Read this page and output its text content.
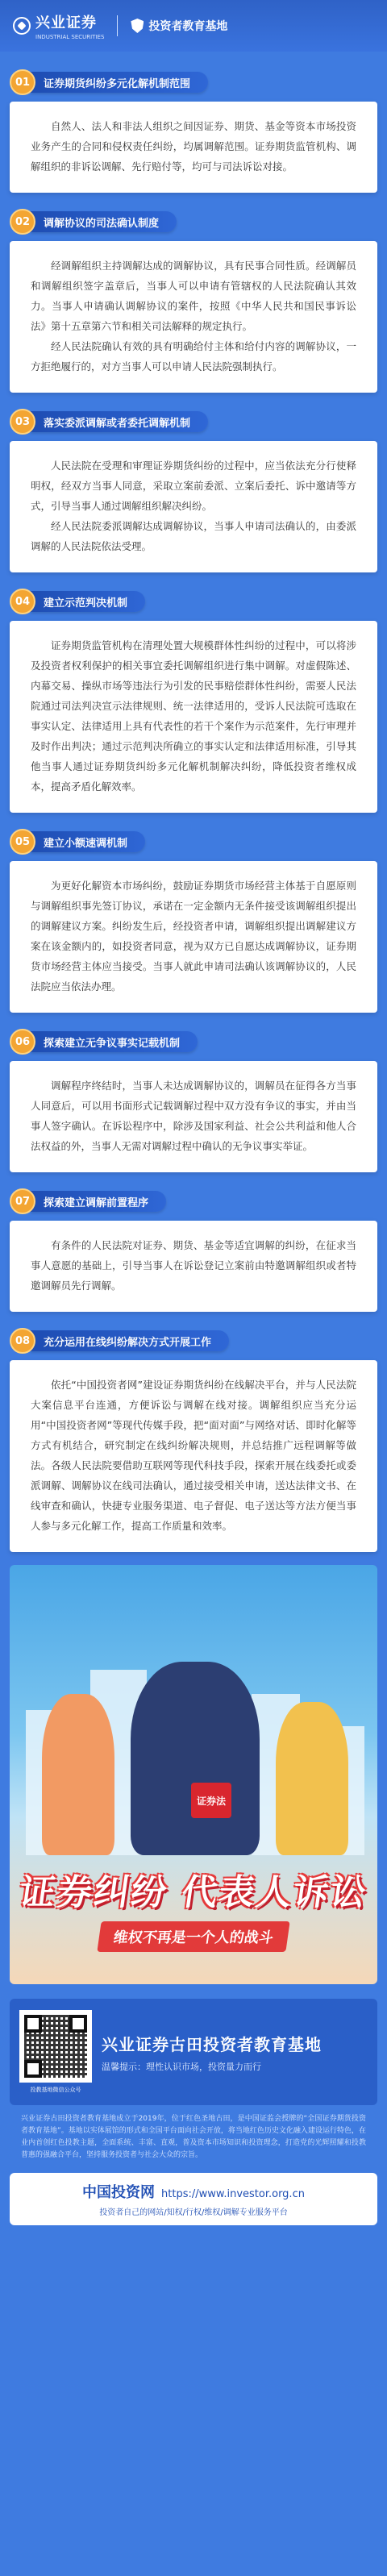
兴业证券
INDUSTRIAL SECURITIES
投资者教育基地
01	证券期货纠纷多元化解机制范围

自然人、法人和非法人组织之间因证券、期货、基金等资本市场投资业务产生的合同和侵权责任纠纷，均属调解范围。证券期货监管机构、调解组织的非诉讼调解、先行赔付等，均可与司法诉讼对接。

02	调解协议的司法确认制度

经调解组织主持调解达成的调解协议，具有民事合同性质。经调解员和调解组织签字盖章后，当事人可以申请有管辖权的人民法院确认其效力。当事人申请确认调解协议的案件，按照《中华人民共和国民事诉讼法》第十五章第六节和相关司法解释的规定执行。

经人民法院确认有效的具有明确给付主体和给付内容的调解协议，一方拒绝履行的，对方当事人可以申请人民法院强制执行。

03	落实委派调解或者委托调解机制

人民法院在受理和审理证券期货纠纷的过程中，应当依法充分行使释明权，经双方当事人同意，采取立案前委派、立案后委托、诉中邀请等方式，引导当事人通过调解组织解决纠纷。

经人民法院委派调解达成调解协议，当事人申请司法确认的，由委派调解的人民法院依法受理。

04	建立示范判决机制

证券期货监管机构在清理处置大规模群体性纠纷的过程中，可以将涉及投资者权利保护的相关事宜委托调解组织进行集中调解。对虚假陈述、内幕交易、操纵市场等违法行为引发的民事赔偿群体性纠纷，需要人民法院通过司法判决宣示法律规则、统一法律适用的，受诉人民法院可选取在事实认定、法律适用上具有代表性的若干个案作为示范案件，先行审理并及时作出判决；通过示范判决所确立的事实认定和法律适用标准，引导其他当事人通过证券期货纠纷多元化解机制解决纠纷，降低投资者维权成本，提高矛盾化解效率。

05	建立小额速调机制

为更好化解资本市场纠纷，鼓励证券期货市场经营主体基于自愿原则与调解组织事先签订协议，承诺在一定金额内无条件接受该调解组织提出的调解建议方案。纠纷发生后，经投资者申请，调解组织提出调解建议方案在该金额内的，如投资者同意，视为双方已自愿达成调解协议，证券期货市场经营主体应当接受。当事人就此申请司法确认该调解协议的，人民法院应当依法办理。

06	探索建立无争议事实记载机制

调解程序终结时，当事人未达成调解协议的，调解员在征得各方当事人同意后，可以用书面形式记载调解过程中双方没有争议的事实，并由当事人签字确认。在诉讼程序中，除涉及国家利益、社会公共利益和他人合法权益的外，当事人无需对调解过程中确认的无争议事实举证。

07	探索建立调解前置程序

有条件的人民法院对证券、期货、基金等适宜调解的纠纷，在征求当事人意愿的基础上，引导当事人在诉讼登记立案前由特邀调解组织或者特邀调解员先行调解。

08	充分运用在线纠纷解决方式开展工作

依托“中国投资者网”建设证券期货纠纷在线解决平台，并与人民法院大案信息平台连通，方便诉讼与调解在线对接。调解组织应当充分运用“中国投资者网”等现代传媒手段，把“面对面”与网络对话、即时化解等方式有机结合，研究制定在线纠纷解决规则，并总结推广远程调解等做法。各级人民法院要借助互联网等现代科技手段，探索开展在线委托或委派调解、调解协议在线司法确认，通过接受相关申请，送达法律文书、在线审查和确认，快捷专业服务渠道、电子督促、电子送达等方法方便当事人参与多元化解工作，提高工作质量和效率。

证券法
证券纠纷 代表人诉讼
维权不再是一个人的战斗
投教基地微信公众号
兴业证券古田投资者教育基地
温馨提示：理性认识市场，投资量力而行
兴业证券古田投资者教育基地成立于2019年，位于红色圣地古田，是中国证监会授牌的“全国证券期货投资者教育基地”。基地以实体展馆的形式和全国平台面向社会开放，将当地红色历史文化融入建设运行特色，在业内首创红色投教主题，全面系统、丰富、直观，普及资本市场知识和投资理念，打造党的光辉照耀和投教普惠的强融合平台，坚持服务投资者与社会大众的宗旨。
中国投资网 https://www.investor.org.cn
投资者自己的网站/知权/行权/维权/调解专业服务平台
